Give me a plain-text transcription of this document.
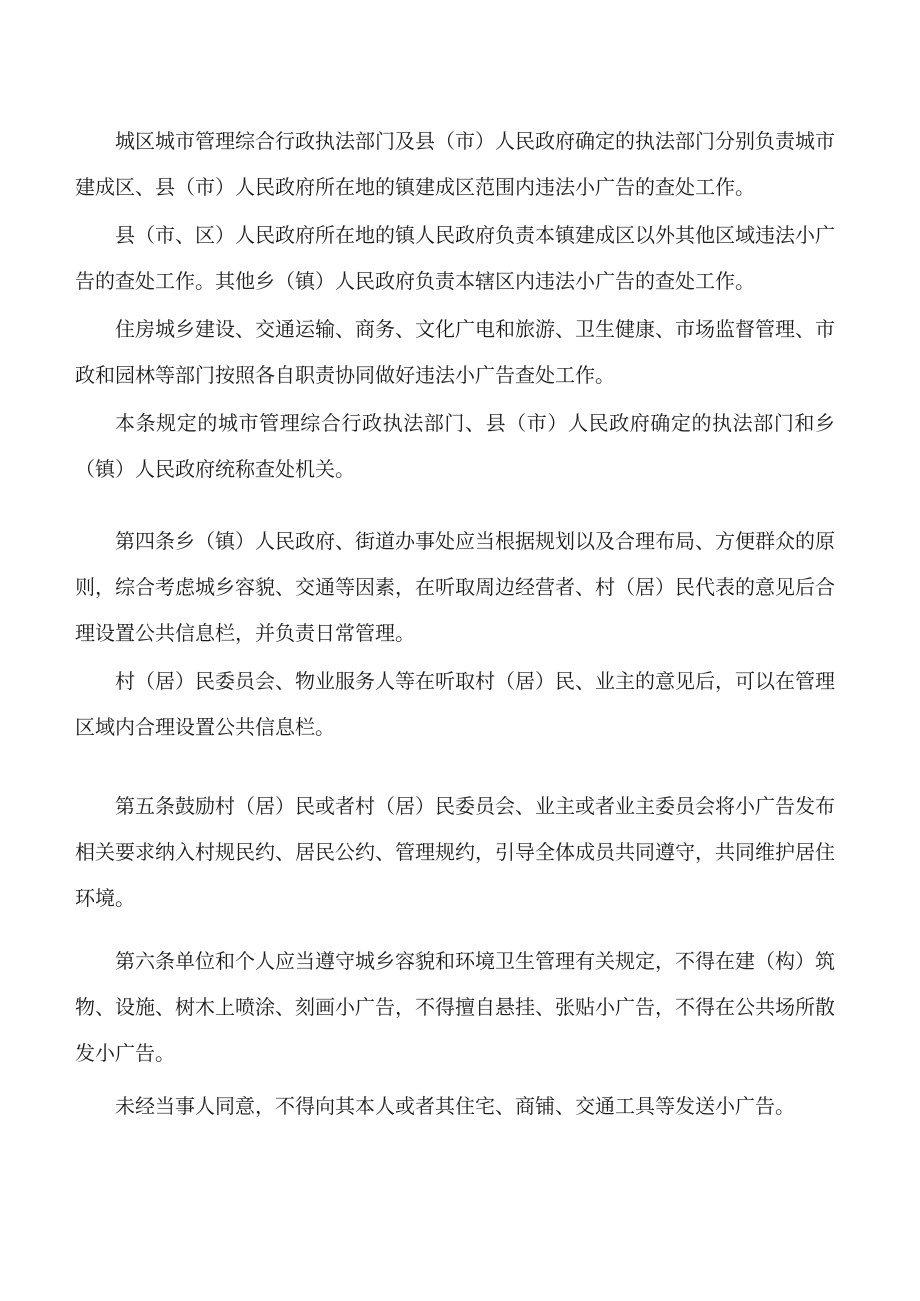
城区城市管理综合行政执法部门及县（市）人民政府确定的执法部门分别负责城市建成区、县（市）人民政府所在地的镇建成区范围内违法小广告的查处工作。

县（市、区）人民政府所在地的镇人民政府负责本镇建成区以外其他区域违法小广告的查处工作。其他乡（镇）人民政府负责本辖区内违法小广告的查处工作。

住房城乡建设、交通运输、商务、文化广电和旅游、卫生健康、市场监督管理、市政和园林等部门按照各自职责协同做好违法小广告查处工作。

本条规定的城市管理综合行政执法部门、县（市）人民政府确定的执法部门和乡（镇）人民政府统称查处机关。

第四条乡（镇）人民政府、街道办事处应当根据规划以及合理布局、方便群众的原则，综合考虑城乡容貌、交通等因素，在听取周边经营者、村（居）民代表的意见后合理设置公共信息栏，并负责日常管理。

村（居）民委员会、物业服务人等在听取村（居）民、业主的意见后，可以在管理区域内合理设置公共信息栏。

第五条鼓励村（居）民或者村（居）民委员会、业主或者业主委员会将小广告发布相关要求纳入村规民约、居民公约、管理规约，引导全体成员共同遵守，共同维护居住环境。

第六条单位和个人应当遵守城乡容貌和环境卫生管理有关规定，不得在建（构）筑物、设施、树木上喷涂、刻画小广告，不得擅自悬挂、张贴小广告，不得在公共场所散发小广告。

未经当事人同意，不得向其本人或者其住宅、商铺、交通工具等发送小广告。
